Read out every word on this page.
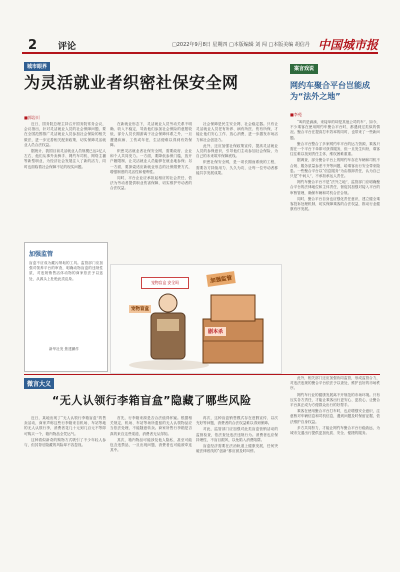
2 评论	□2022年9月8日 星期四 □本版编辑 刘 闯 □本版美编 胡信丹 中国城市报
城市眼界
为灵活就业者织密社保安全网
■郭岩川

近日，国务院总理主持召开国务院常务会议，会议指出，针对灵活就业人员的社会保障问题，要在全国范围推广灵活就业人员参加社会保险的相关做法，进一步完善相关配套政策，切实保障灵活就业人员合法权益。

据统计，我国目前灵活就业人员规模已达2亿人左右，他们从事外卖骑手、网约车司机、网络主播等新型职业，为经济社会发展注入了新的活力，同时也面临着社会保障不足的现实问题。

在新就业形态下，灵活就业人员劳动关系不明确、收入不稳定，导致他们参加社会保险的意愿较低，部分人员长期游离于社会保障体系之外，一旦遭遇疾病、工伤或年老，生活便难以得到有效保障。

织密灵活就业者社保安全网，需要政府、企业和个人共同发力。一方面，要降低参保门槛，放开户籍限制，让灵活就业人员能够在就业地参保；另一方面，要探索适应新就业形态的社保缴费方式，增强制度的灵活性和便利性。

同时，平台企业应承担起相应的社会责任，依法为劳动者提供职业伤害保障，切实维护劳动者的合法权益。

社会保障是民生安全网、社会稳定器。只有让灵活就业人员老有所养、病有所医、伤有所保，才能让他们安心工作、放心消费，进一步激发市场活力和社会创造力。

此外，还应加强社保政策宣传，提高灵活就业人员的参保意识，引导他们主动参加社会保险，为自己的未来筑牢保障底线。

织密社保安全网，是一项长期而系统的工程，需要各方持续用力、久久为功，让每一位劳动者都能共享发展成果。

加强监管
盲盒不应成为藏污纳垢的工具。监管部门应加强对领养平台的审查，明确动物盲盒的违规性质，对违规销售活体动物的商家依法予以惩处，从源头上杜绝此类乱象。
新华社发 焦建鹏作
加强监管
宠物盲盒 安全吗
宠物盲盒
剧本杀
案言戏说
网约车聚合平台岂能成为“法外之地”
■李苑

“叫的是滴滴，来接单的却是其他公司的车”，如今，不少乘客在使用网约车聚合平台时，都遇到过类似的情况。聚合平台在提高打车效率的同时，也带来了一些新问题。

聚合平台整合了多家网约车平台的运力资源，乘客只需在一个平台下单即可获得服务，但一旦发生纠纷，乘客往往难以找到责任主体，维权困难重重。

据调查，部分聚合平台上的网约车存在车辆和司机不合规、服务质量参差不齐等问题，给乘客出行安全带来隐患。一些聚合平台以“信息服务”为由推卸责任，认为自己只是“中间人”，不承担承运人责任。

网约车聚合平台不是“法外之地”，监管部门应明确聚合平台的法律地位和主体责任，督促其加强对接入平台的审核管理，确保车辆和司机合法合规。

同时，聚合平台自身也应强化责任意识，建立健全乘客投诉处理机制，切实保障乘客的合法权益，推动行业健康有序发展。

微言大义
“无人认领行李箱盲盒”隐藏了哪些风险

近日，某地出现了“无人认领行李箱盲盒”的售卖活动，商家声称这些行李箱来自机场、车站等地的无人认领行李，消费者花几十元到几百元不等即可购买一个，箱内物品全凭运气。

这种看似新奇的购物方式吸引了不少年轻人参与，但其背后隐藏的风险却不容忽视。

首先，行李箱来源是否合法值得怀疑。根据相关规定，机场、车站等场所遗留的无人认领物品应当依法处理，不能随意转卖。商家所售行李箱是否真的来自这些渠道，消费者无从得知。

其次，箱内物品可能涉及他人隐私，甚至可能包含违禁品，一旦出现问题，消费者也可能被牵连其中。

再次，这种盲盒销售模式存在虚假宣传、以次充好等问题，消费者的合法权益难以得到保障。

对此，监管部门应加强对此类盲盒营销活动的监督检查，依法查处违法违规行为。消费者也应保持理性，不盲目跟风，以免陷入消费陷阱。

盲盒经济需要在法治轨道上健康发展，任何突破法律底线的“创新”都应被及时叫停。

此外，相关部门还应加强协同监管，形成监管合力，对违法违规的聚合平台依法予以查处，维护良好的市场秩序。

网约车行业的健康发展离不开规范的市场环境。只有压实各方责任，才能让乘客出行更安心、更放心，让聚合平台真正成为方便群众出行的好帮手。

乘客在使用聚合平台打车时，也应增强安全意识，注意核对车辆信息和司机信息，遇到问题及时保留证据，依法维护自身权益。

多方共同努力，才能让网约车聚合平台行稳致远，为城市交通出行提供更加优质、安全、便捷的服务。
